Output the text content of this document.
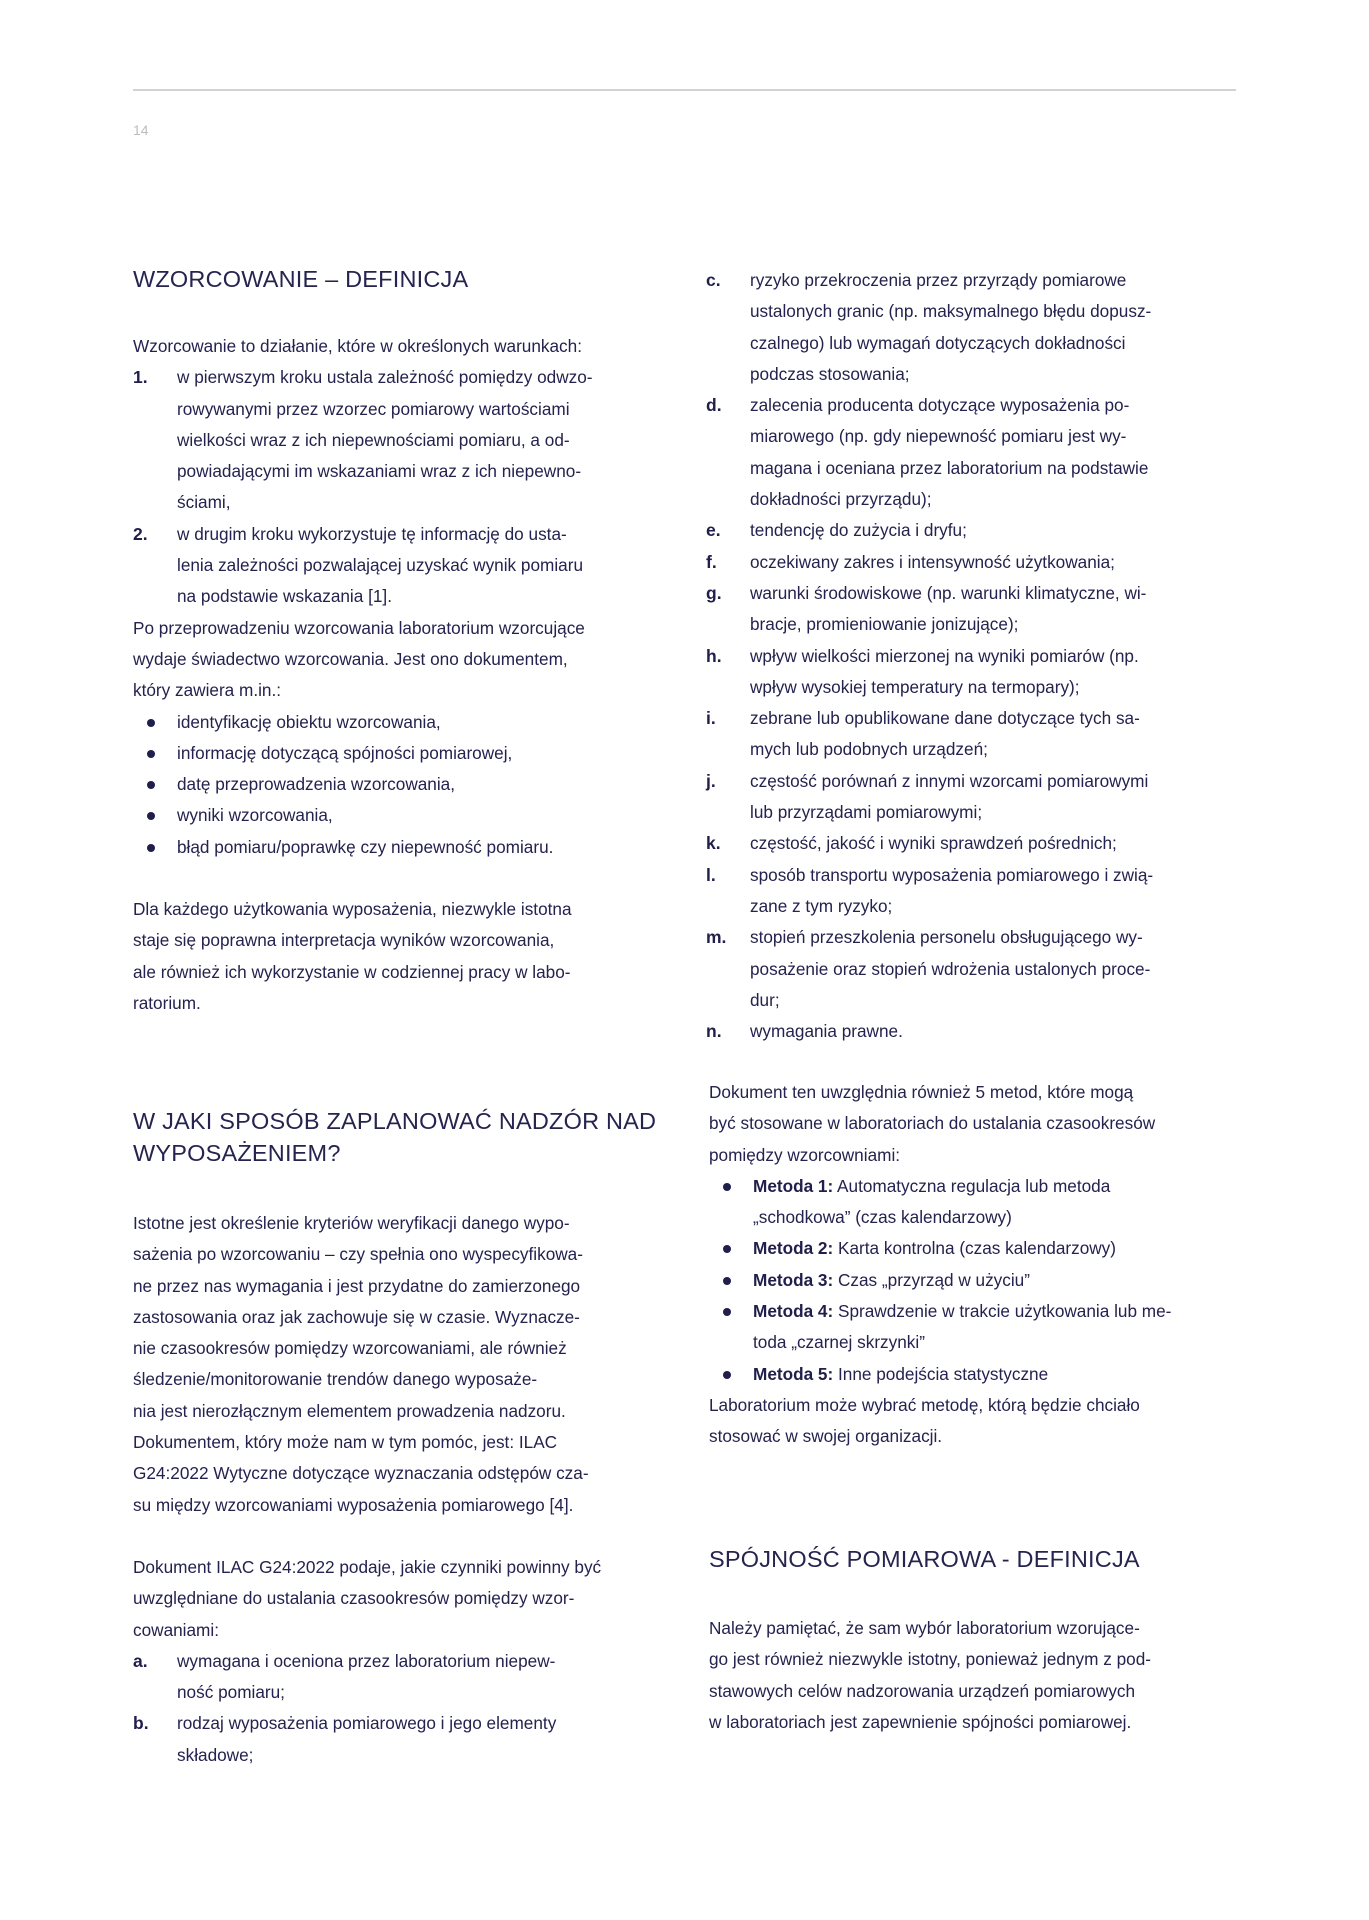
14
WZORCOWANIE – DEFINICJA
Wzorcowanie to działanie, które w określonych warunkach:
1. w pierwszym kroku ustala zależność pomiędzy odwzo-
rowywanymi przez wzorzec pomiarowy wartościami
wielkości wraz z ich niepewnościami pomiaru, a od-
powiadającymi im wskazaniami wraz z ich niepewno-
ściami,
2. w drugim kroku wykorzystuje tę informację do usta-
lenia zależności pozwalającej uzyskać wynik pomiaru
na podstawie wskazania [1].
Po przeprowadzeniu wzorcowania laboratorium wzorcujące
wydaje świadectwo wzorcowania. Jest ono dokumentem,
który zawiera m.in.:
identyfikację obiektu wzorcowania,
informację dotyczącą spójności pomiarowej,
datę przeprowadzenia wzorcowania,
wyniki wzorcowania,
błąd pomiaru/poprawkę czy niepewność pomiaru.
Dla każdego użytkowania wyposażenia, niezwykle istotna
staje się poprawna interpretacja wyników wzorcowania,
ale również ich wykorzystanie w codziennej pracy w labo-
ratorium.
W JAKI SPOSÓB ZAPLANOWAĆ NADZÓR NAD
WYPOSAŻENIEM?
Istotne jest określenie kryteriów weryfikacji danego wypo-
sażenia po wzorcowaniu – czy spełnia ono wyspecyfikowa-
ne przez nas wymagania i jest przydatne do zamierzonego
zastosowania oraz jak zachowuje się w czasie. Wyznacze-
nie czasookresów pomiędzy wzorcowaniami, ale również
śledzenie/monitorowanie trendów danego wyposaże-
nia jest nierozłącznym elementem prowadzenia nadzoru.
Dokumentem, który może nam w tym pomóc, jest: ILAC
G24:2022 Wytyczne dotyczące wyznaczania odstępów cza-
su między wzorcowaniami wyposażenia pomiarowego [4].
Dokument ILAC G24:2022 podaje, jakie czynniki powinny być
uwzględniane do ustalania czasookresów pomiędzy wzor-
cowaniami:
a. wymagana i oceniona przez laboratorium niepew-
ność pomiaru;
b. rodzaj wyposażenia pomiarowego i jego elementy
składowe;
c. ryzyko przekroczenia przez przyrządy pomiarowe
ustalonych granic (np. maksymalnego błędu dopusz-
czalnego) lub wymagań dotyczących dokładności
podczas stosowania;
d. zalecenia producenta dotyczące wyposażenia po-
miarowego (np. gdy niepewność pomiaru jest wy-
magana i oceniana przez laboratorium na podstawie
dokładności przyrządu);
e. tendencję do zużycia i dryfu;
f. oczekiwany zakres i intensywność użytkowania;
g. warunki środowiskowe (np. warunki klimatyczne, wi-
bracje, promieniowanie jonizujące);
h. wpływ wielkości mierzonej na wyniki pomiarów (np.
wpływ wysokiej temperatury na termopary);
i. zebrane lub opublikowane dane dotyczące tych sa-
mych lub podobnych urządzeń;
j. częstość porównań z innymi wzorcami pomiarowymi
lub przyrządami pomiarowymi;
k. częstość, jakość i wyniki sprawdzeń pośrednich;
l. sposób transportu wyposażenia pomiarowego i zwią-
zane z tym ryzyko;
m. stopień przeszkolenia personelu obsługującego wy-
posażenie oraz stopień wdrożenia ustalonych proce-
dur;
n. wymagania prawne.
Dokument ten uwzględnia również 5 metod, które mogą
być stosowane w laboratoriach do ustalania czasookresów
pomiędzy wzorcowniami:
Metoda 1: Automatyczna regulacja lub metoda
„schodkowa” (czas kalendarzowy)
Metoda 2: Karta kontrolna (czas kalendarzowy)
Metoda 3: Czas „przyrząd w użyciu”
Metoda 4: Sprawdzenie w trakcie użytkowania lub me-
toda „czarnej skrzynki”
Metoda 5: Inne podejścia statystyczne
Laboratorium może wybrać metodę, którą będzie chciało
stosować w swojej organizacji.
SPÓJNOŚĆ POMIAROWA - DEFINICJA
Należy pamiętać, że sam wybór laboratorium wzorujące-
go jest również niezwykle istotny, ponieważ jednym z pod-
stawowych celów nadzorowania urządzeń pomiarowych
w laboratoriach jest zapewnienie spójności pomiarowej.
